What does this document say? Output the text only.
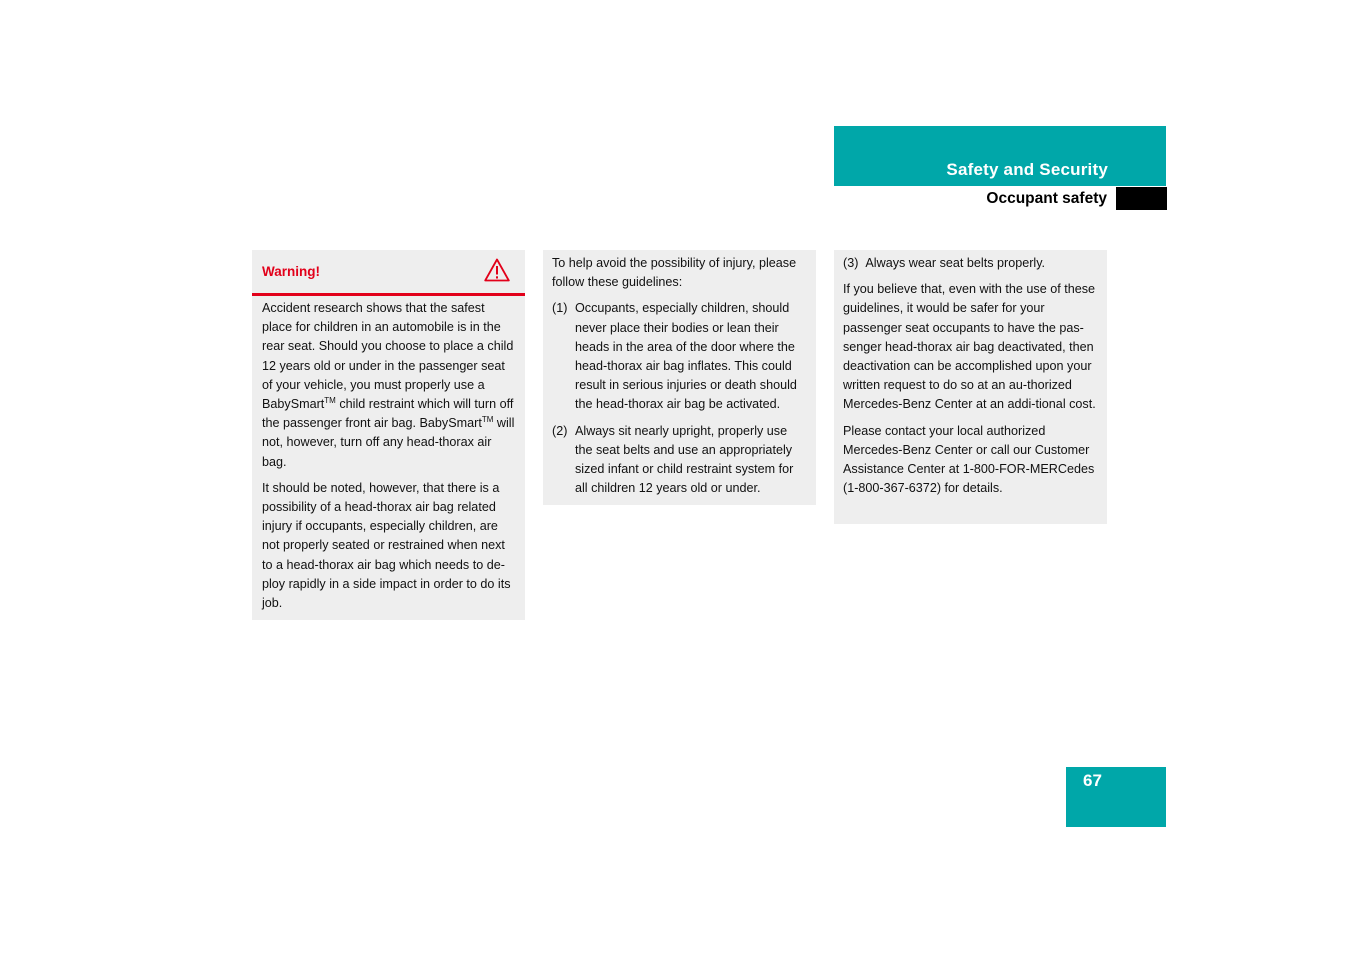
Safety and Security
Occupant safety
Warning!

Accident research shows that the safest place for children in an automobile is in the rear seat. Should you choose to place a child 12 years old or under in the passenger seat of your vehicle, you must properly use a BabySmart™ child restraint which will turn off the passenger front air bag. BabySmart™ will not, however, turn off any head-thorax air bag.

It should be noted, however, that there is a possibility of a head-thorax air bag related injury if occupants, especially children, are not properly seated or restrained when next to a head-thorax air bag which needs to de-ploy rapidly in a side impact in order to do its job.

To help avoid the possibility of injury, please follow these guidelines:

(1) Occupants, especially children, should never place their bodies or lean their heads in the area of the door where the head-thorax air bag inflates. This could result in serious injuries or death should the head-thorax air bag be activated.
(2) Always sit nearly upright, properly use the seat belts and use an appropriately sized infant or child restraint system for all children 12 years old or under.

(3) Always wear seat belts properly.

If you believe that, even with the use of these guidelines, it would be safer for your passenger seat occupants to have the pas-senger head-thorax air bag deactivated, then deactivation can be accomplished upon your written request to do so at an au-thorized Mercedes-Benz Center at an addi-tional cost.

Please contact your local authorized Mercedes-Benz Center or call our Customer Assistance Center at 1-800-FOR-MERCedes (1-800-367-6372) for details.

67
